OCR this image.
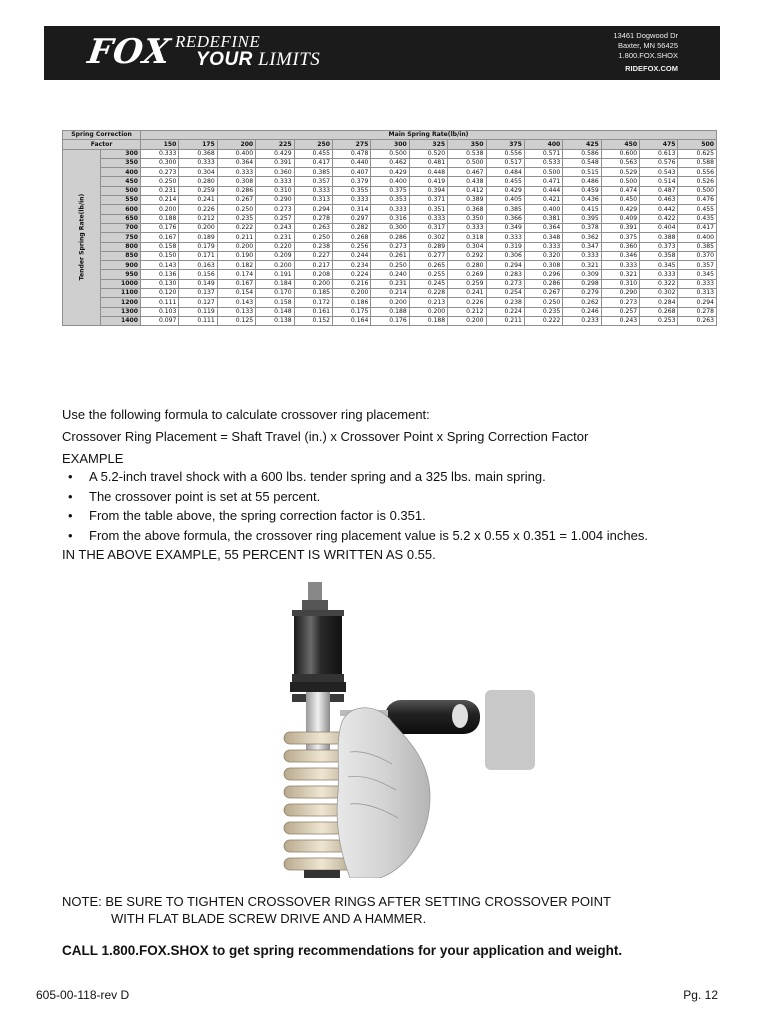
FOX REDEFINE
YOUR LIMITS
13461 Dogwood Dr
Baxter, MN 56425
1.800.FOX.SHOX
RIDEFOX.COM
Spring Correction		Main Spring Rate(lb/in)														
Factor		150	175	200	225	250	275	300	325	350	375	400	425	450	475	500

Tender Spring Rate(lb/in)	300	0.333	0.368	0.400	0.429	0.455	0.478	0.500	0.520	0.538	0.556	0.571	0.586	0.600	0.613	0.625
	350	0.300	0.333	0.364	0.391	0.417	0.440	0.462	0.481	0.500	0.517	0.533	0.548	0.563	0.576	0.588
	400	0.273	0.304	0.333	0.360	0.385	0.407	0.429	0.448	0.467	0.484	0.500	0.515	0.529	0.543	0.556
	450	0.250	0.280	0.308	0.333	0.357	0.379	0.400	0.419	0.438	0.455	0.471	0.486	0.500	0.514	0.526
	500	0.231	0.259	0.286	0.310	0.333	0.355	0.375	0.394	0.412	0.429	0.444	0.459	0.474	0.487	0.500
	550	0.214	0.241	0.267	0.290	0.313	0.333	0.353	0.371	0.389	0.405	0.421	0.436	0.450	0.463	0.476
	600	0.200	0.226	0.250	0.273	0.294	0.314	0.333	0.351	0.368	0.385	0.400	0.415	0.429	0.442	0.455
	650	0.188	0.212	0.235	0.257	0.278	0.297	0.316	0.333	0.350	0.366	0.381	0.395	0.409	0.422	0.435
	700	0.176	0.200	0.222	0.243	0.263	0.282	0.300	0.317	0.333	0.349	0.364	0.378	0.391	0.404	0.417
	750	0.167	0.189	0.211	0.231	0.250	0.268	0.286	0.302	0.318	0.333	0.348	0.362	0.375	0.388	0.400
	800	0.158	0.179	0.200	0.220	0.238	0.256	0.273	0.289	0.304	0.319	0.333	0.347	0.360	0.373	0.385
	850	0.150	0.171	0.190	0.209	0.227	0.244	0.261	0.277	0.292	0.306	0.320	0.333	0.346	0.358	0.370
	900	0.143	0.163	0.182	0.200	0.217	0.234	0.250	0.265	0.280	0.294	0.308	0.321	0.333	0.345	0.357
	950	0.136	0.156	0.174	0.191	0.208	0.224	0.240	0.255	0.269	0.283	0.296	0.309	0.321	0.333	0.345
	1000	0.130	0.149	0.167	0.184	0.200	0.216	0.231	0.245	0.259	0.273	0.286	0.298	0.310	0.322	0.333
	1100	0.120	0.137	0.154	0.170	0.185	0.200	0.214	0.228	0.241	0.254	0.267	0.279	0.290	0.302	0.313
	1200	0.111	0.127	0.143	0.158	0.172	0.186	0.200	0.213	0.226	0.238	0.250	0.262	0.273	0.284	0.294
	1300	0.103	0.119	0.133	0.148	0.161	0.175	0.188	0.200	0.212	0.224	0.235	0.246	0.257	0.268	0.278
	1400	0.097	0.111	0.125	0.138	0.152	0.164	0.176	0.188	0.200	0.211	0.222	0.233	0.243	0.253	0.263
Use the following formula to calculate crossover ring placement:
Crossover Ring Placement = Shaft Travel (in.) x Crossover Point x Spring Correction Factor
EXAMPLE
• A 5.2-inch travel shock with a 600 lbs. tender spring and a 325 lbs. main spring.
• The crossover point is set at 55 percent.
• From the table above, the spring correction factor is 0.351.
• From the above formula, the crossover ring placement value is 5.2 x 0.55 x 0.351 = 1.004 inches.
IN THE ABOVE EXAMPLE, 55 PERCENT IS WRITTEN AS 0.55.
NOTE: BE SURE TO TIGHTEN CROSSOVER RINGS AFTER SETTING CROSSOVER POINT
WITH FLAT BLADE SCREW DRIVE AND A HAMMER.
CALL 1.800.FOX.SHOX to get spring recommendations for your application and weight.
605-00-118-rev D	Pg. 12
